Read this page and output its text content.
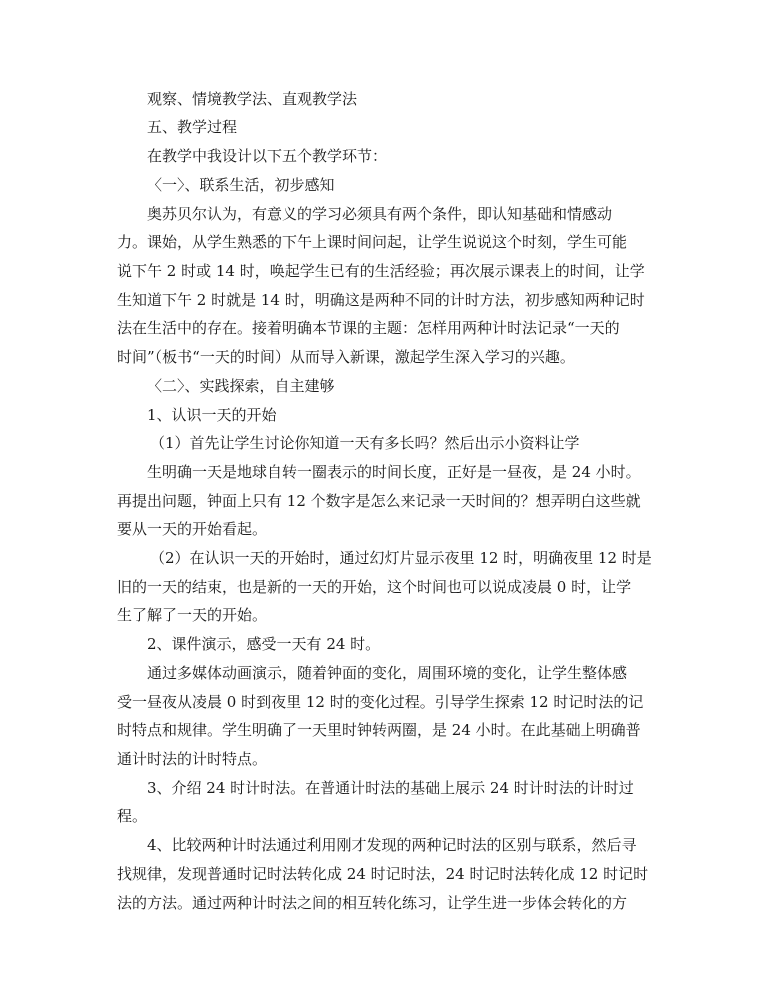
观察、情境教学法、直观教学法
五、教学过程
在教学中我设计以下五个教学环节：
〈一〉、联系生活，初步感知
奥苏贝尔认为，有意义的学习必须具有两个条件，即认知基础和情感动
力。课始，从学生熟悉的下午上课时间问起，让学生说说这个时刻，学生可能
说下午 2 时或 14 时，唤起学生已有的生活经验；再次展示课表上的时间，让学
生知道下午 2 时就是 14 时，明确这是两种不同的计时方法，初步感知两种记时
法在生活中的存在。接着明确本节课的主题：怎样用两种计时法记录“一天的
时间”（板书“一天的时间）从而导入新课，激起学生深入学习的兴趣。
〈二〉、实践探索，自主建够
1、认识一天的开始
（1）首先让学生讨论你知道一天有多长吗？然后出示小资料让学
生明确一天是地球自转一圈表示的时间长度，正好是一昼夜，是 24 小时。
再提出问题，钟面上只有 12 个数字是怎么来记录一天时间的？想弄明白这些就
要从一天的开始看起。
（2）在认识一天的开始时，通过幻灯片显示夜里 12 时，明确夜里 12 时是
旧的一天的结束，也是新的一天的开始，这个时间也可以说成凌晨 0 时，让学
生了解了一天的开始。
2、课件演示，感受一天有 24 时。
通过多媒体动画演示，随着钟面的变化，周围环境的变化，让学生整体感
受一昼夜从凌晨 0 时到夜里 12 时的变化过程。引导学生探索 12 时记时法的记
时特点和规律。学生明确了一天里时钟转两圈，是 24 小时。在此基础上明确普
通计时法的计时特点。
3、介绍 24 时计时法。在普通计时法的基础上展示 24 时计时法的计时过
程。
4、比较两种计时法通过利用刚才发现的两种记时法的区别与联系，然后寻
找规律，发现普通时记时法转化成 24 时记时法，24 时记时法转化成 12 时记时
法的方法。通过两种计时法之间的相互转化练习，让学生进一步体会转化的方
